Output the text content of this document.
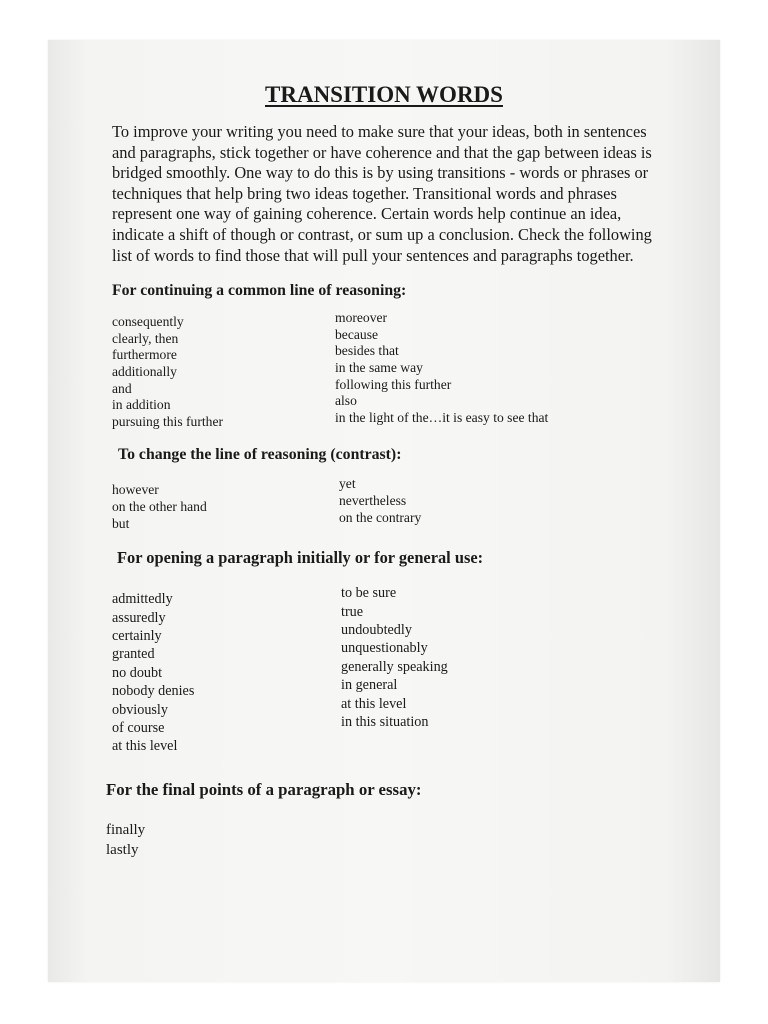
TRANSITION WORDS

To improve your writing you need to make sure that your ideas, both in sentences and paragraphs, stick together or have coherence and that the gap between ideas is bridged smoothly. One way to do this is by using transitions - words or phrases or techniques that help bring two ideas together. Transitional words and phrases represent one way of gaining coherence. Certain words help continue an idea, indicate a shift of though or contrast, or sum up a conclusion. Check the following list of words to find those that will pull your sentences and paragraphs together.

For continuing a common line of reasoning:
consequently
clearly, then
furthermore
additionally
and
in addition
pursuing this further
moreover
because
besides that
in the same way
following this further
also
in the light of the…it is easy to see that
To change the line of reasoning (contrast):
however
on the other hand
but
yet
nevertheless
on the contrary
For opening a paragraph initially or for general use:
admittedly
assuredly
certainly
granted
no doubt
nobody denies
obviously
of course
at this level
to be sure
true
undoubtedly
unquestionably
generally speaking
in general
at this level
in this situation
For the final points of a paragraph or essay:
finally
lastly
